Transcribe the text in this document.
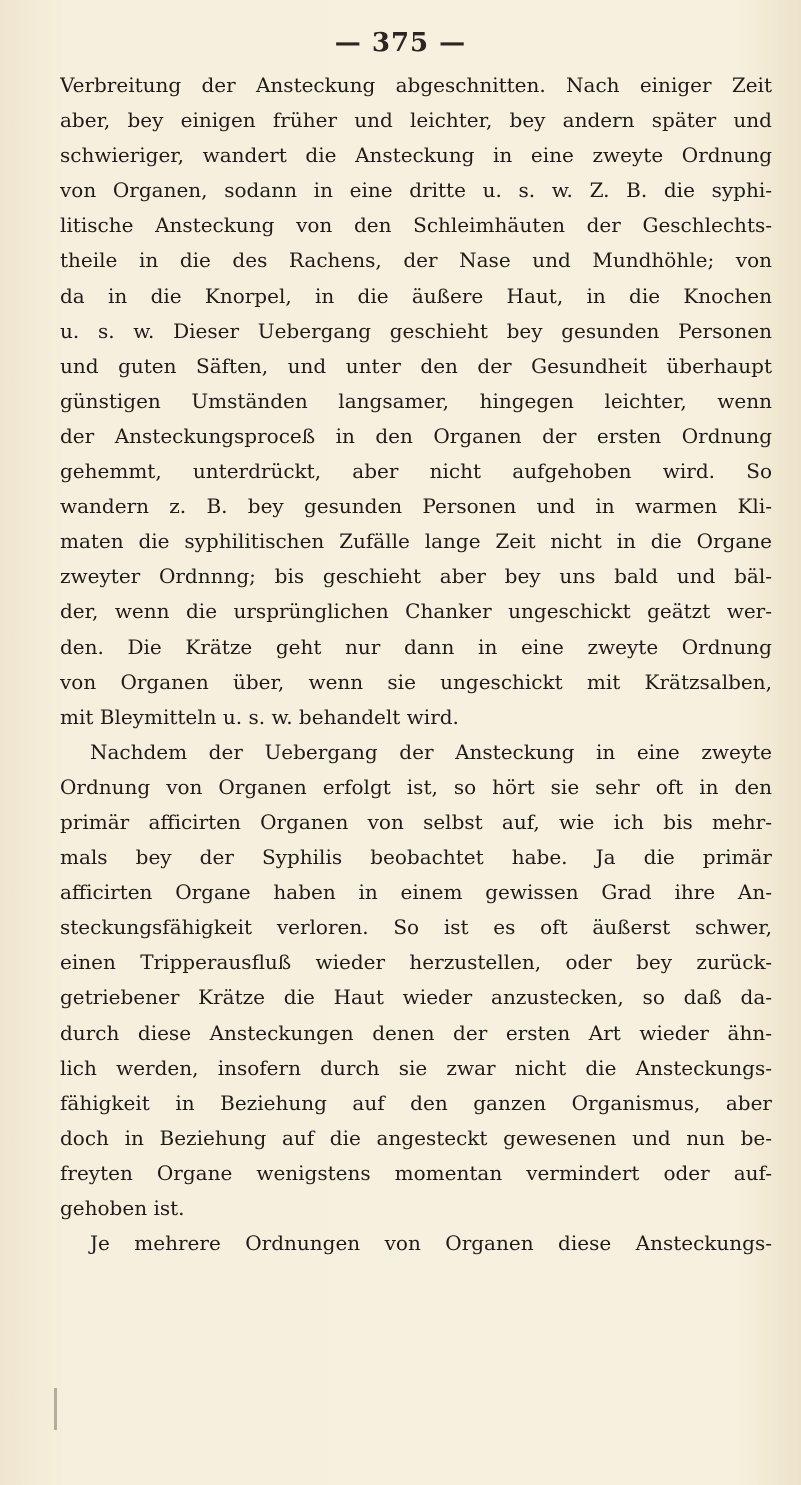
— 375 —
Verbreitung der Ansteckung abgeschnitten. Nach einiger Zeit
aber, bey einigen früher und leichter, bey andern später und
schwieriger, wandert die Ansteckung in eine zweyte Ordnung
von Organen, sodann in eine dritte u. s. w. Z. B. die syphi-
litische Ansteckung von den Schleimhäuten der Geschlechts-
theile in die des Rachens, der Nase und Mundhöhle; von
da in die Knorpel, in die äußere Haut, in die Knochen
u. s. w. Dieser Uebergang geschieht bey gesunden Personen
und guten Säften, und unter den der Gesundheit überhaupt
günstigen Umständen langsamer, hingegen leichter, wenn
der Ansteckungsproceß in den Organen der ersten Ordnung
gehemmt, unterdrückt, aber nicht aufgehoben wird. So
wandern z. B. bey gesunden Personen und in warmen Kli-
maten die syphilitischen Zufälle lange Zeit nicht in die Organe
zweyter Ordnnng; bis geschieht aber bey uns bald und bäl-
der, wenn die ursprünglichen Chanker ungeschickt geätzt wer-
den. Die Krätze geht nur dann in eine zweyte Ordnung
von Organen über, wenn sie ungeschickt mit Krätzsalben,
mit Bleymitteln u. s. w. behandelt wird.
Nachdem der Uebergang der Ansteckung in eine zweyte
Ordnung von Organen erfolgt ist, so hört sie sehr oft in den
primär afficirten Organen von selbst auf, wie ich bis mehr-
mals bey der Syphilis beobachtet habe. Ja die primär
afficirten Organe haben in einem gewissen Grad ihre An-
steckungsfähigkeit verloren. So ist es oft äußerst schwer,
einen Tripperausfluß wieder herzustellen, oder bey zurück-
getriebener Krätze die Haut wieder anzustecken, so daß da-
durch diese Ansteckungen denen der ersten Art wieder ähn-
lich werden, insofern durch sie zwar nicht die Ansteckungs-
fähigkeit in Beziehung auf den ganzen Organismus, aber
doch in Beziehung auf die angesteckt gewesenen und nun be-
freyten Organe wenigstens momentan vermindert oder auf-
gehoben ist.
Je mehrere Ordnungen von Organen diese Ansteckungs-
